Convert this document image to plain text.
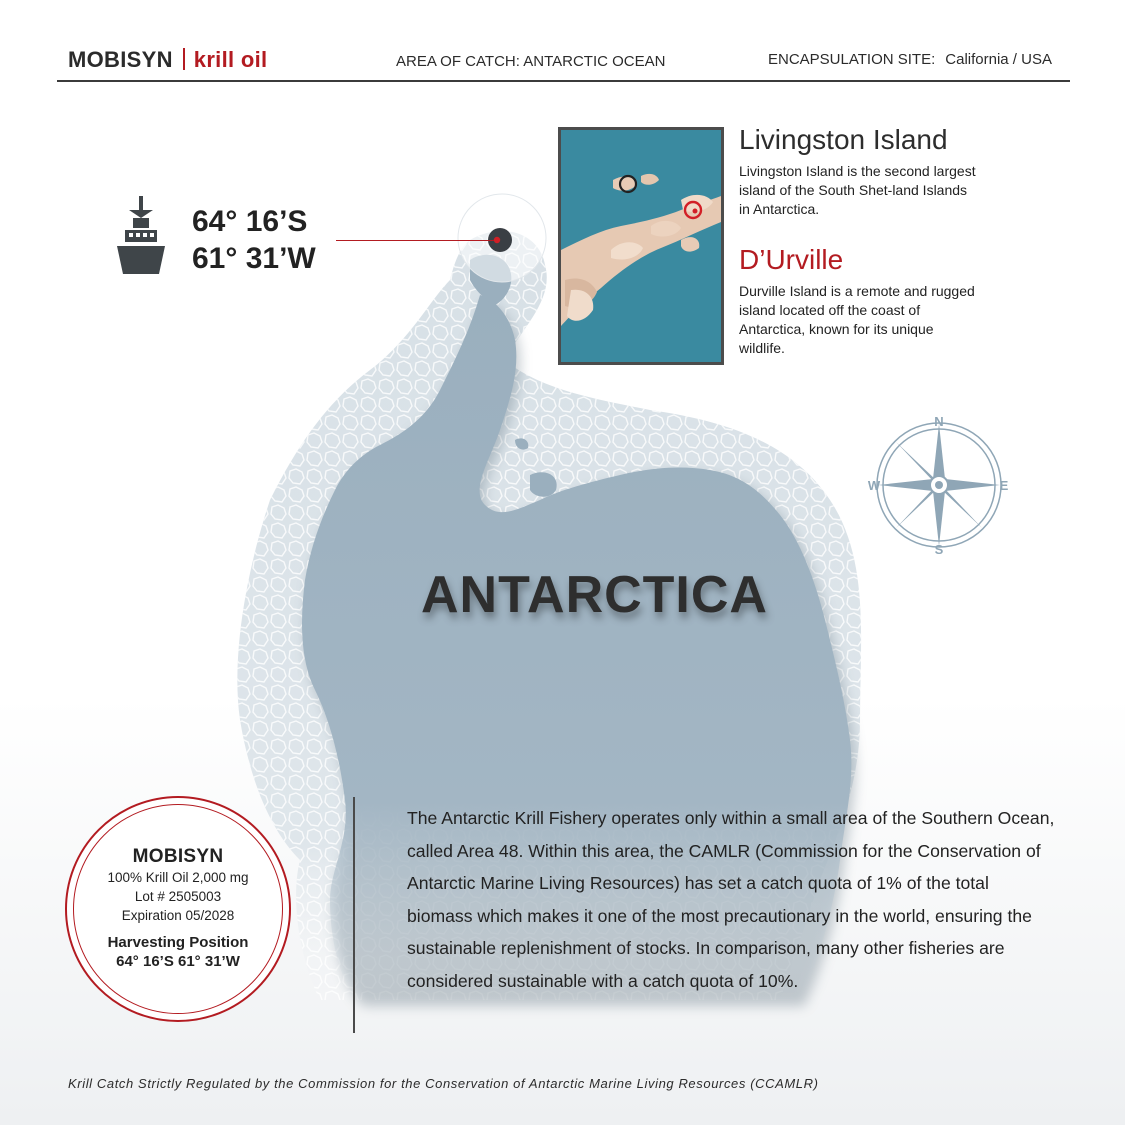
MOBISYN krill oil	AREA OF CATCH: ANTARCTIC OCEAN	ENCAPSULATION SITE: California / USA
64° 16’S
61° 31’W
Livingston Island

Livingston Island is the second largest island of the South Shet-land Islands in Antarctica.

D’Urville

Durville Island is a remote and rugged island located off the coast of Antarctica, known for its unique wildlife.

N
E
S
W
ANTARCTICA
MOBISYN
100% Krill Oil 2,000 mg
Lot # 2505003
Expiration 05/2028
Harvesting Position
64° 16’S 61° 31’W
The Antarctic Krill Fishery operates only within a small area of the Southern Ocean, called Area 48. Within this area, the CAMLR (Commission for the Conservation of Antarctic Marine Living Resources) has set a catch quota of 1% of the total biomass which makes it one of the most precautionary in the world, ensuring the sustainable replenishment of stocks. In comparison, many other fisheries are considered sustainable with a catch quota of 10%.
Krill Catch Strictly Regulated by the Commission for the Conservation of Antarctic Marine Living Resources (CCAMLR)
